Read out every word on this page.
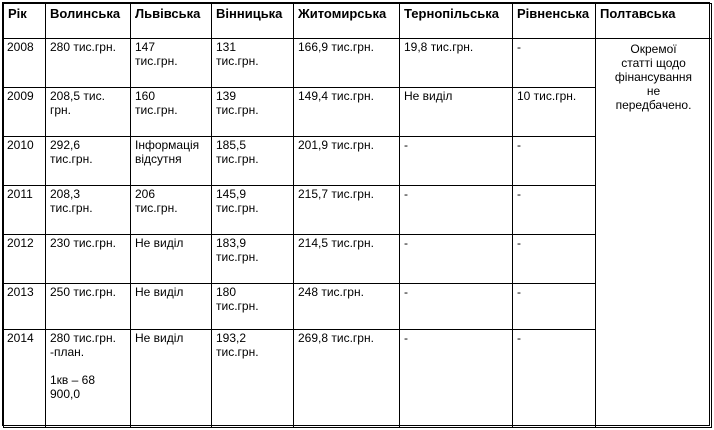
Рік	Волинська	Львівська	Вінницька	Житомирська	Тернопільська	Рівненська	Полтавська

2008	280 тис.грн.	147
тис.грн.	131
тис.грн.	166,9 тис.грн.	19,8 тис.грн.	-	Окремої
статті щодо
фінансування
не
передбачено.

2009	208,5 тис.
грн.	160
тис.грн.	139
тис.грн.	149,4 тис.грн.	Не виділ	10 тис.грн.	

2010	292,6
тис.грн.	Інформація
відсутня	185,5
тис.грн.	201,9 тис.грн.	-	-	

2011	208,3
тис.грн.	206
тис.грн.	145,9
тис.грн.	215,7 тис.грн.	-	-	

2012	230 тис.грн.	Не виділ	183,9
тис.грн.	214,5 тис.грн.	-	-	

2013	250 тис.грн.	Не виділ	180
тис.грн.	248 тис.грн.	-	-	

2014	280 тис.грн.
-план.

1кв – 68
900,0	Не виділ	193,2
тис.грн.	269,8 тис.грн.	-	-	
